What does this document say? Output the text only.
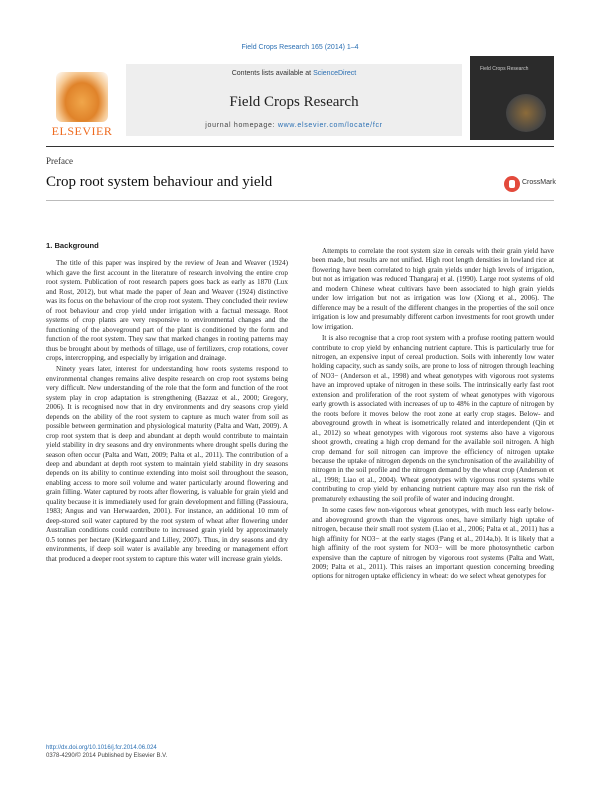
Field Crops Research 165 (2014) 1–4
ELSEVIER
Contents lists available at ScienceDirect
Field Crops Research
journal homepage: www.elsevier.com/locate/fcr
Field Crops Research
Preface
Crop root system behaviour and yield	CrossMark
1. Background

The title of this paper was inspired by the review of Jean and Weaver (1924) which gave the first account in the literature of research involving the entire crop root system. Publication of root research papers goes back as early as 1870 (Lux and Rost, 2012), but what made the paper of Jean and Weaver (1924) distinctive was its focus on the behaviour of the crop root system. They concluded their review of root behaviour and crop yield under irrigation with a factual message. Root systems of crop plants are very responsive to environmental changes and the functioning of the aboveground part of the plant is conditioned by the form and function of the root system. They saw that marked changes in rooting patterns may thus be brought about by methods of tillage, use of fertilizers, crop rotations, cover crops, intercropping, and especially by irrigation and drainage.

Ninety years later, interest for understanding how roots systems respond to environmental changes remains alive despite research on crop root systems being very difficult. New understanding of the role that the form and function of the root system play in crop adaptation is strengthening (Bazzaz et al., 2000; Gregory, 2006). It is recognised now that in dry environments and dry seasons crop yield depends on the ability of the root system to capture as much water from soil as possible between germination and physiological maturity (Palta and Watt, 2009). A crop root system that is deep and abundant at depth would contribute to maintain yield stability in dry seasons and dry environments where drought spells during the season often occur (Palta and Watt, 2009; Palta et al., 2011). The contribution of a deep and abundant at depth root system to maintain yield stability in dry seasons depends on its ability to continue extending into moist soil throughout the season, enabling access to more soil volume and water particularly around flowering and grain filling. Water captured by roots after flowering, is valuable for grain yield and quality because it is immediately used for grain development and filling (Passioura, 1983; Angus and van Herwaarden, 2001). For instance, an additional 10 mm of deep-stored soil water captured by the root system of wheat after flowering under Australian conditions could contribute to increased grain yield by approximately 0.5 tonnes per hectare (Kirkegaard and Lilley, 2007). Thus, in dry seasons and dry environments, if deep soil water is available any breeding or management effort that produced a deeper root system to capture this water will increase grain yields.

Attempts to correlate the root system size in cereals with their grain yield have been made, but results are not unified. High root length densities in lowland rice at flowering have been correlated to high grain yields under high levels of irrigation, but not as irrigation was reduced Thangaraj et al. (1990). Large root systems of old and modern Chinese wheat cultivars have been associated to high grain yields under low irrigation but not as irrigation was low (Xiong et al., 2006). The difference may be a result of the different changes in the properties of the soil once irrigation is low and presumably different carbon investments for root growth under low irrigation.

It is also recognise that a crop root system with a profuse rooting pattern would contribute to crop yield by enhancing nutrient capture. This is particularly true for nitrogen, an expensive input of cereal production. Soils with inherently low water holding capacity, such as sandy soils, are prone to loss of nitrogen through leaching of NO3− (Anderson et al., 1998) and wheat genotypes with vigorous root systems have an improved uptake of nitrogen in these soils. The intrinsically early fast root extension and proliferation of the root system of wheat genotypes with vigorous early growth is associated with increases of up to 48% in the capture of nitrogen by the roots before it moves below the root zone at early crop stages. Below- and aboveground growth in wheat is isometrically related and interdependent (Qin et al., 2012) so wheat genotypes with vigorous root systems also have a vigorous shoot growth, creating a high crop demand for the available soil nitrogen. A high crop demand for soil nitrogen can improve the efficiency of nitrogen uptake because the uptake of nitrogen depends on the synchronisation of the availability of nitrogen in the soil profile and the nitrogen demand by the wheat crop (Anderson et al., 1998; Liao et al., 2004). Wheat genotypes with vigorous root systems while contributing to crop yield by enhancing nutrient capture may also run the risk of prematurely exhausting the soil profile of water and inducing drought.

In some cases few non-vigorous wheat genotypes, with much less early below-and aboveground growth than the vigorous ones, have similarly high uptake of nitrogen, because their small root system (Liao et al., 2006; Palta et al., 2011) has a high affinity for NO3− at the early stages (Pang et al., 2014a,b). It is likely that a high affinity of the root system for NO3− will be more photosynthetic carbon expensive than the capture of nitrogen by vigorous root systems (Palta and Watt, 2009; Palta et al., 2011). This raises an important question concerning breeding options for nitrogen uptake efficiency in wheat: do we select wheat genotypes for

http://dx.doi.org/10.1016/j.fcr.2014.06.024
0378-4290/© 2014 Published by Elsevier B.V.
